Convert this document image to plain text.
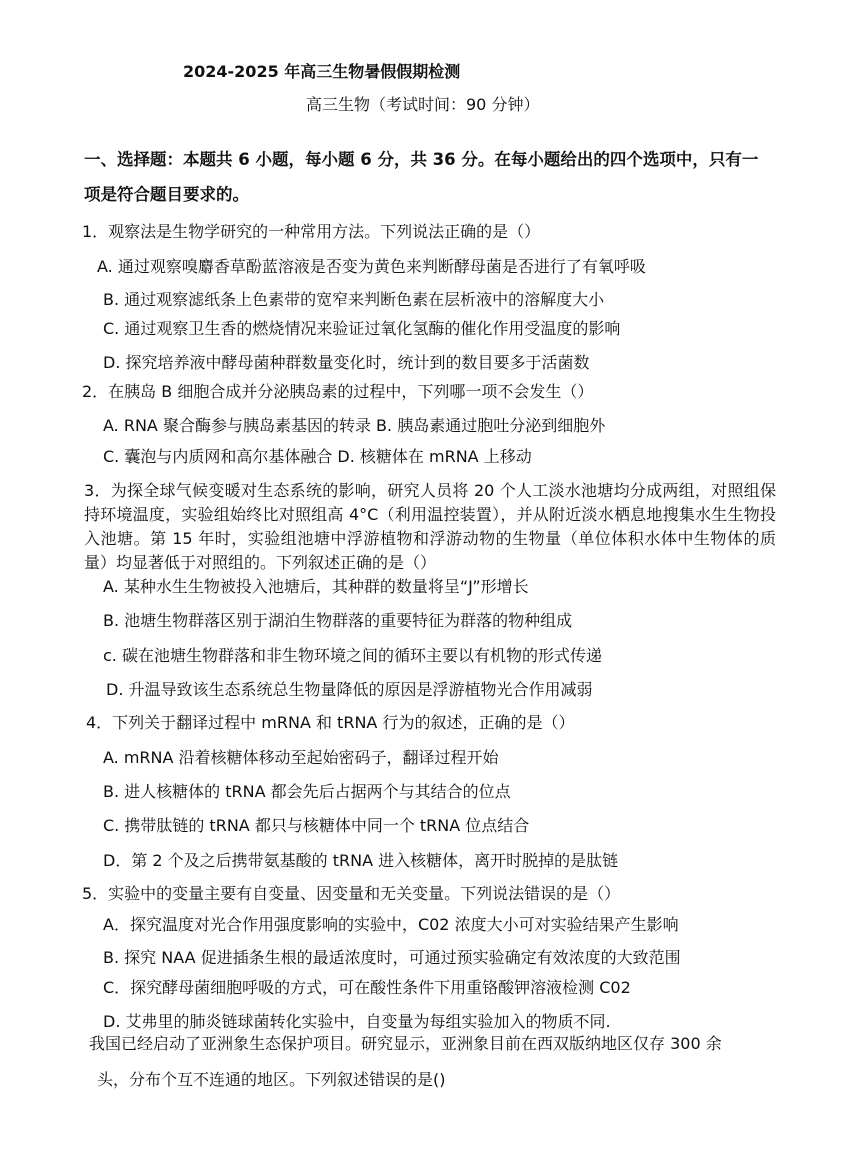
2024-2025 年高三生物暑假假期检测
高三生物（考试时间：90 分钟）
一、选择题：本题共 6 小题，每小题 6 分，共 36 分。在每小题给出的四个选项中，只有一
项是符合题目要求的。
1．观察法是生物学研究的一种常用方法。下列说法正确的是（）
A. 通过观察嗅麝香草酚蓝溶液是否变为黄色来判断酵母菌是否进行了有氧呼吸
B. 通过观察滤纸条上色素带的宽窄来判断色素在层析液中的溶解度大小
C. 通过观察卫生香的燃烧情况来验证过氧化氢酶的催化作用受温度的影响
D. 探究培养液中酵母菌种群数量变化时，统计到的数目要多于活菌数
2．在胰岛 B 细胞合成并分泌胰岛素的过程中，下列哪一项不会发生（）
A. RNA 聚合酶参与胰岛素基因的转录 B. 胰岛素通过胞吐分泌到细胞外
C. 囊泡与内质网和高尔基体融合 D. 核糖体在 mRNA 上移动
3．为探全球气候变暖对生态系统的影响，研究人员将 20 个人工淡水池塘均分成两组，对照组保持环境温度，实验组始终比对照组高 4°C（利用温控装置），并从附近淡水栖息地搜集水生生物投入池塘。第 15 年时，实验组池塘中浮游植物和浮游动物的生物量（单位体积水体中生物体的质量）均显著低于对照组的。下列叙述正确的是（）
A. 某种水生生物被投入池塘后，其种群的数量将呈“J”形增长
B. 池塘生物群落区别于湖泊生物群落的重要特征为群落的物种组成
c. 碳在池塘生物群落和非生物环境之间的循环主要以有机物的形式传递
D. 升温导致该生态系统总生物量降低的原因是浮游植物光合作用减弱
4．下列关于翻译过程中 mRNA 和 tRNA 行为的叙述，正确的是（）
A. mRNA 沿着核糖体移动至起始密码子，翻译过程开始
B. 进人核糖体的 tRNA 都会先后占据两个与其结合的位点
C. 携带肽链的 tRNA 都只与核糖体中同一个 tRNA 位点结合
D．第 2 个及之后携带氨基酸的 tRNA 进入核糖体，离开时脱掉的是肽链
5．实验中的变量主要有自变量、因变量和无关变量。下列说法错误的是（）
A．探究温度对光合作用强度影响的实验中，C02 浓度大小可对实验结果产生影响
B. 探究 NAA 促进插条生根的最适浓度时，可通过预实验确定有效浓度的大致范围
C．探究酵母菌细胞呼吸的方式，可在酸性条件下用重铬酸钾溶液检测 C02
D. 艾弗里的肺炎链球菌转化实验中，自变量为每组实验加入的物质不同.
我国已经启动了亚洲象生态保护项目。研究显示，亚洲象目前在西双版纳地区仅存 300 余
头，分布个互不连通的地区。下列叙述错误的是()
